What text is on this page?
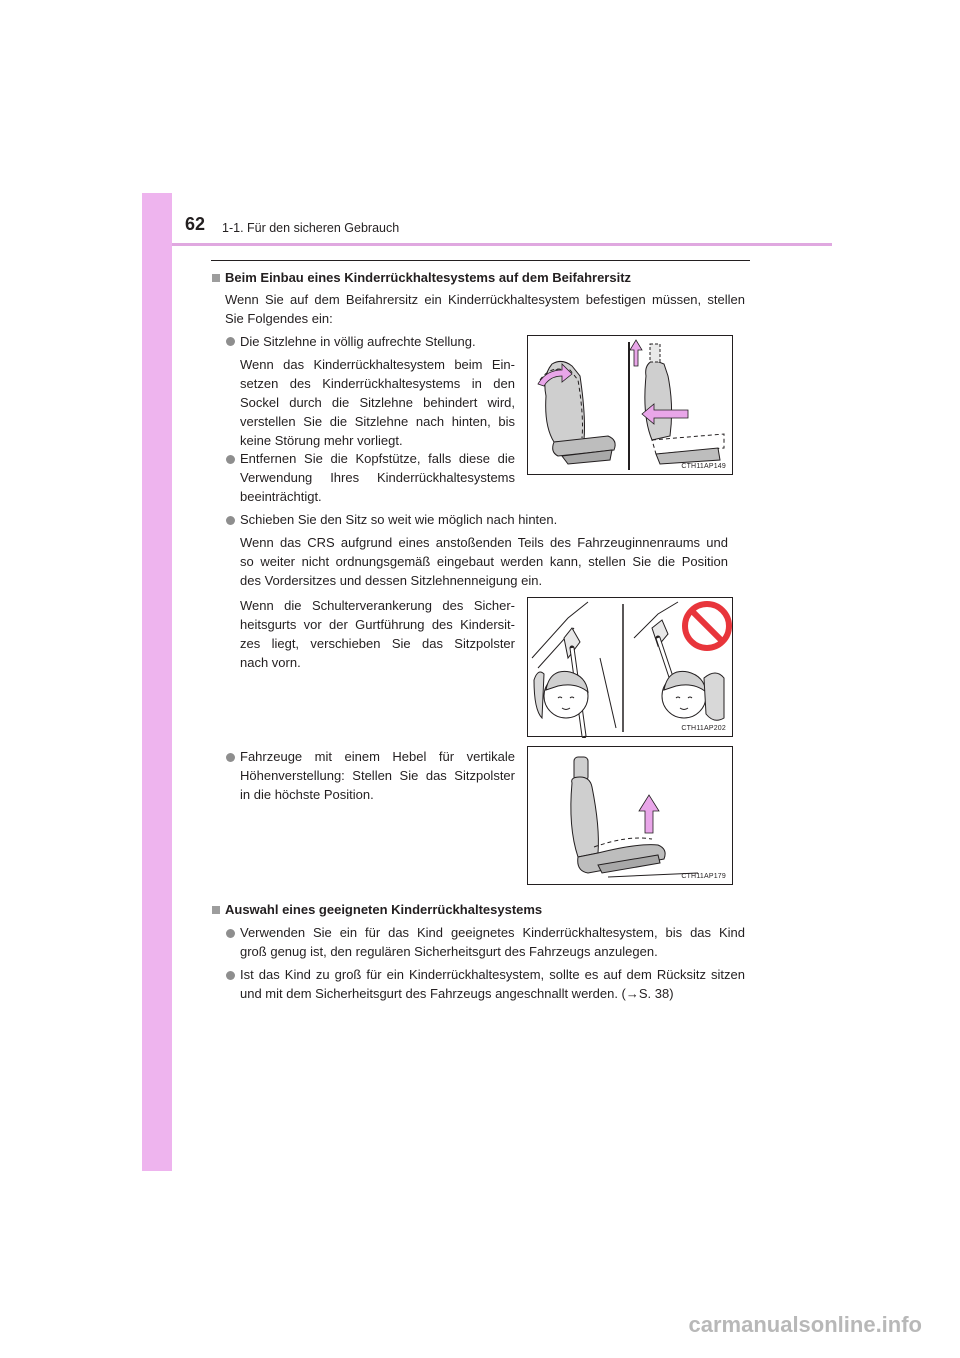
62 1-1. Für den sicheren Gebrauch

Beim Einbau eines Kinderrückhaltesystems auf dem Beifahrersitz

Wenn Sie auf dem Beifahrersitz ein Kinderrückhaltesystem befestigen müssen, stellen

Sie Folgendes ein:

Die Sitzlehne in völlig aufrechte Stellung.

Wenn das Kinderrückhaltesystem beim Ein-

setzen des Kinderrückhaltesystems in den

Sockel durch die Sitzlehne behindert wird,

verstellen Sie die Sitzlehne nach hinten, bis

keine Störung mehr vorliegt.

Entfernen Sie die Kopfstütze, falls diese die

Verwendung Ihres Kinderrückhaltesystems

beeinträchtigt.

CTH11AP149

Schieben Sie den Sitz so weit wie möglich nach hinten.

Wenn das CRS aufgrund eines anstoßenden Teils des Fahrzeuginnenraums und

so weiter nicht ordnungsgemäß eingebaut werden kann, stellen Sie die Position

des Vordersitzes und dessen Sitzlehnenneigung ein.

Wenn die Schulterverankerung des Sicher-

heitsgurts vor der Gurtführung des Kindersit-

zes liegt, verschieben Sie das Sitzpolster

nach vorn.

CTH11AP202

Fahrzeuge mit einem Hebel für vertikale

Höhenverstellung: Stellen Sie das Sitzpolster

in die höchste Position.

CTH11AP179

Auswahl eines geeigneten Kinderrückhaltesystems

Verwenden Sie ein für das Kind geeignetes Kinderrückhaltesystem, bis das Kind

groß genug ist, den regulären Sicherheitsgurt des Fahrzeugs anzulegen.

Ist das Kind zu groß für ein Kinderrückhaltesystem, sollte es auf dem Rücksitz sitzen

und mit dem Sicherheitsgurt des Fahrzeugs angeschnallt werden. (→S. 38)

carmanualsonline.info
